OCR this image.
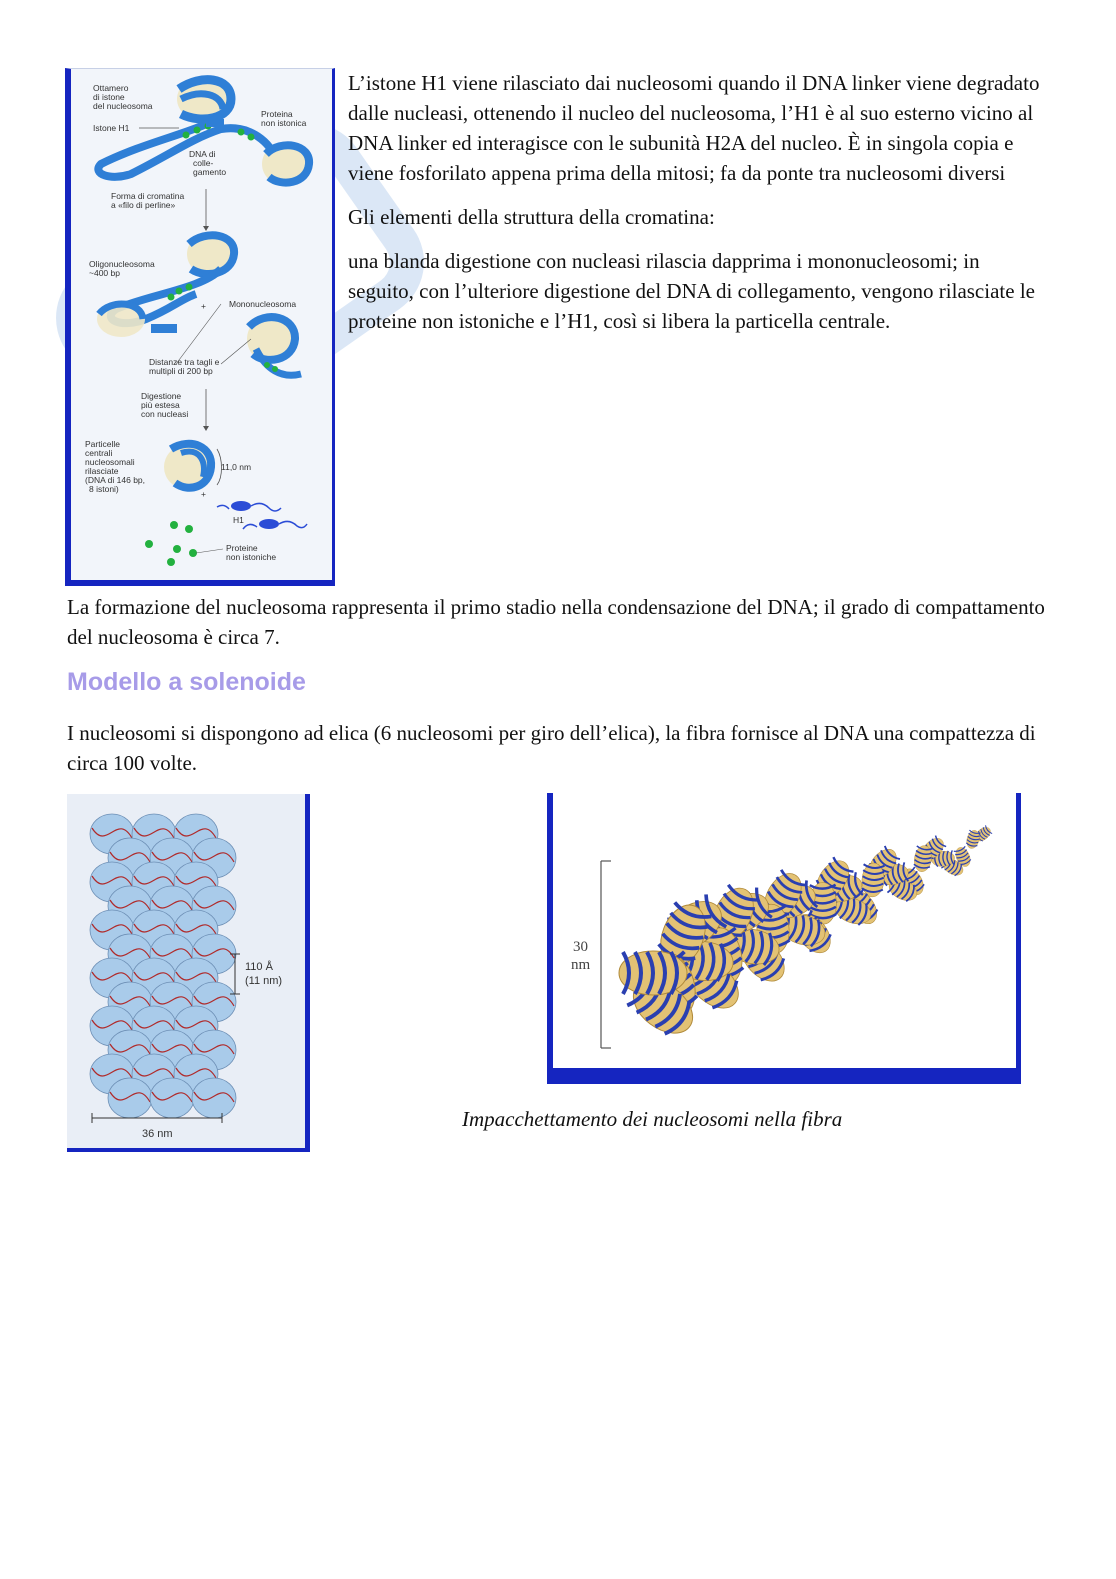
Ottamero
di istone
del nucleosoma
Istone H1
Proteina
non istonica
DNA di
colle-
gamento
Forma di cromatina
a «filo di perline»
Oligonucleosoma
~400 bp
+	Mononucleosoma
Distanze tra tagli e
multipli di 200 bp
Digestione
più estesa
con nucleasi
11,0 nm
Particelle
centrali
nucleosomali
rilasciate
(DNA di 146 bp,
8 istoni)	+
H1
Proteine
non istoniche

L’istone H1 viene rilasciato dai nucleosomi quando il DNA linker viene degradato dalle nucleasi, ottenendo il nucleo del nucleosoma, l’H1 è al suo esterno vicino al DNA linker ed interagisce con le subunità H2A del nucleo. È in singola copia e viene fosforilato appena prima della mitosi; fa da ponte tra nucleosomi diversi

Gli elementi della struttura della cromatina:

una blanda digestione con nucleasi rilascia dapprima i mononucleosomi; in seguito, con l’ulteriore digestione del DNA di collegamento, vengono rilasciate le proteine non istoniche e l’H1, così si libera la particella centrale.

La formazione del nucleosoma rappresenta il primo stadio nella condensazione del DNA; il grado di compattamento del nucleosoma è circa 7.

Modello a solenoide

I nucleosomi si dispongono ad elica (6 nucleosomi per giro dell’elica), la fibra fornisce al DNA una compattezza di circa 100 volte.

110 Å
(11 nm)
36 nm
30
nm
Impacchettamento dei nucleosomi nella fibra
